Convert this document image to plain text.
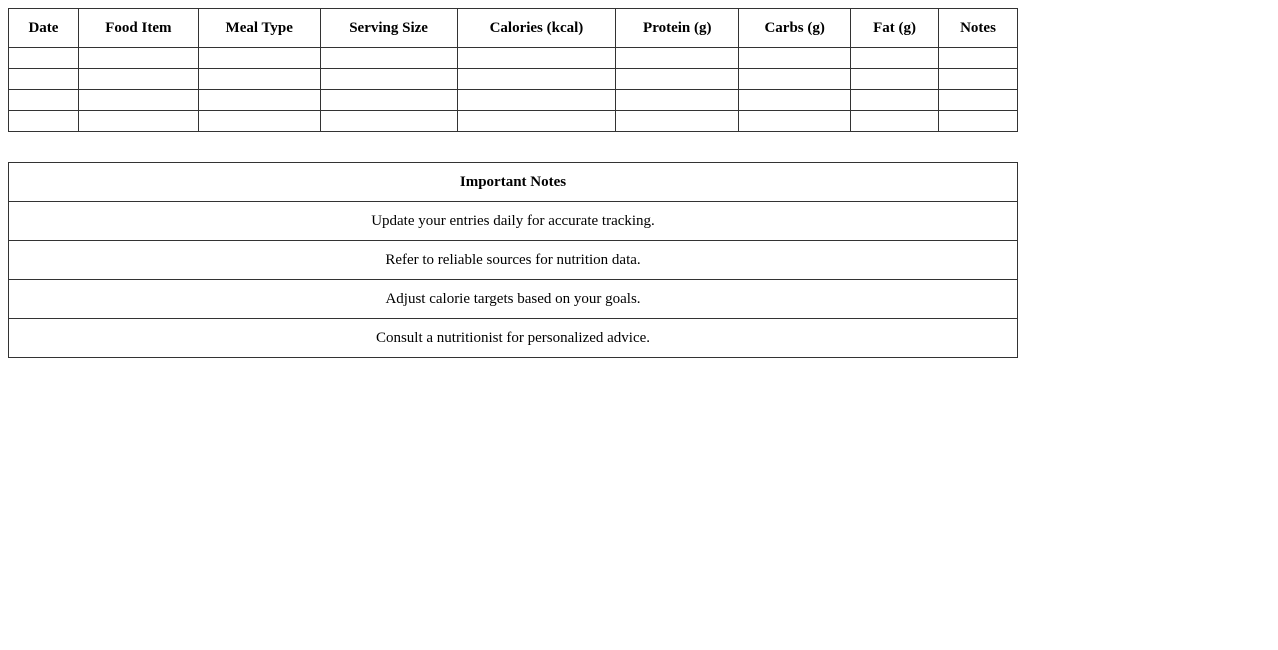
Date	Food Item	Meal Type	Serving Size	Calories (kcal)	Protein (g)	Carbs (g)	Fat (g)	Notes

Important Notes
Update your entries daily for accurate tracking.
Refer to reliable sources for nutrition data.
Adjust calorie targets based on your goals.
Consult a nutritionist for personalized advice.
